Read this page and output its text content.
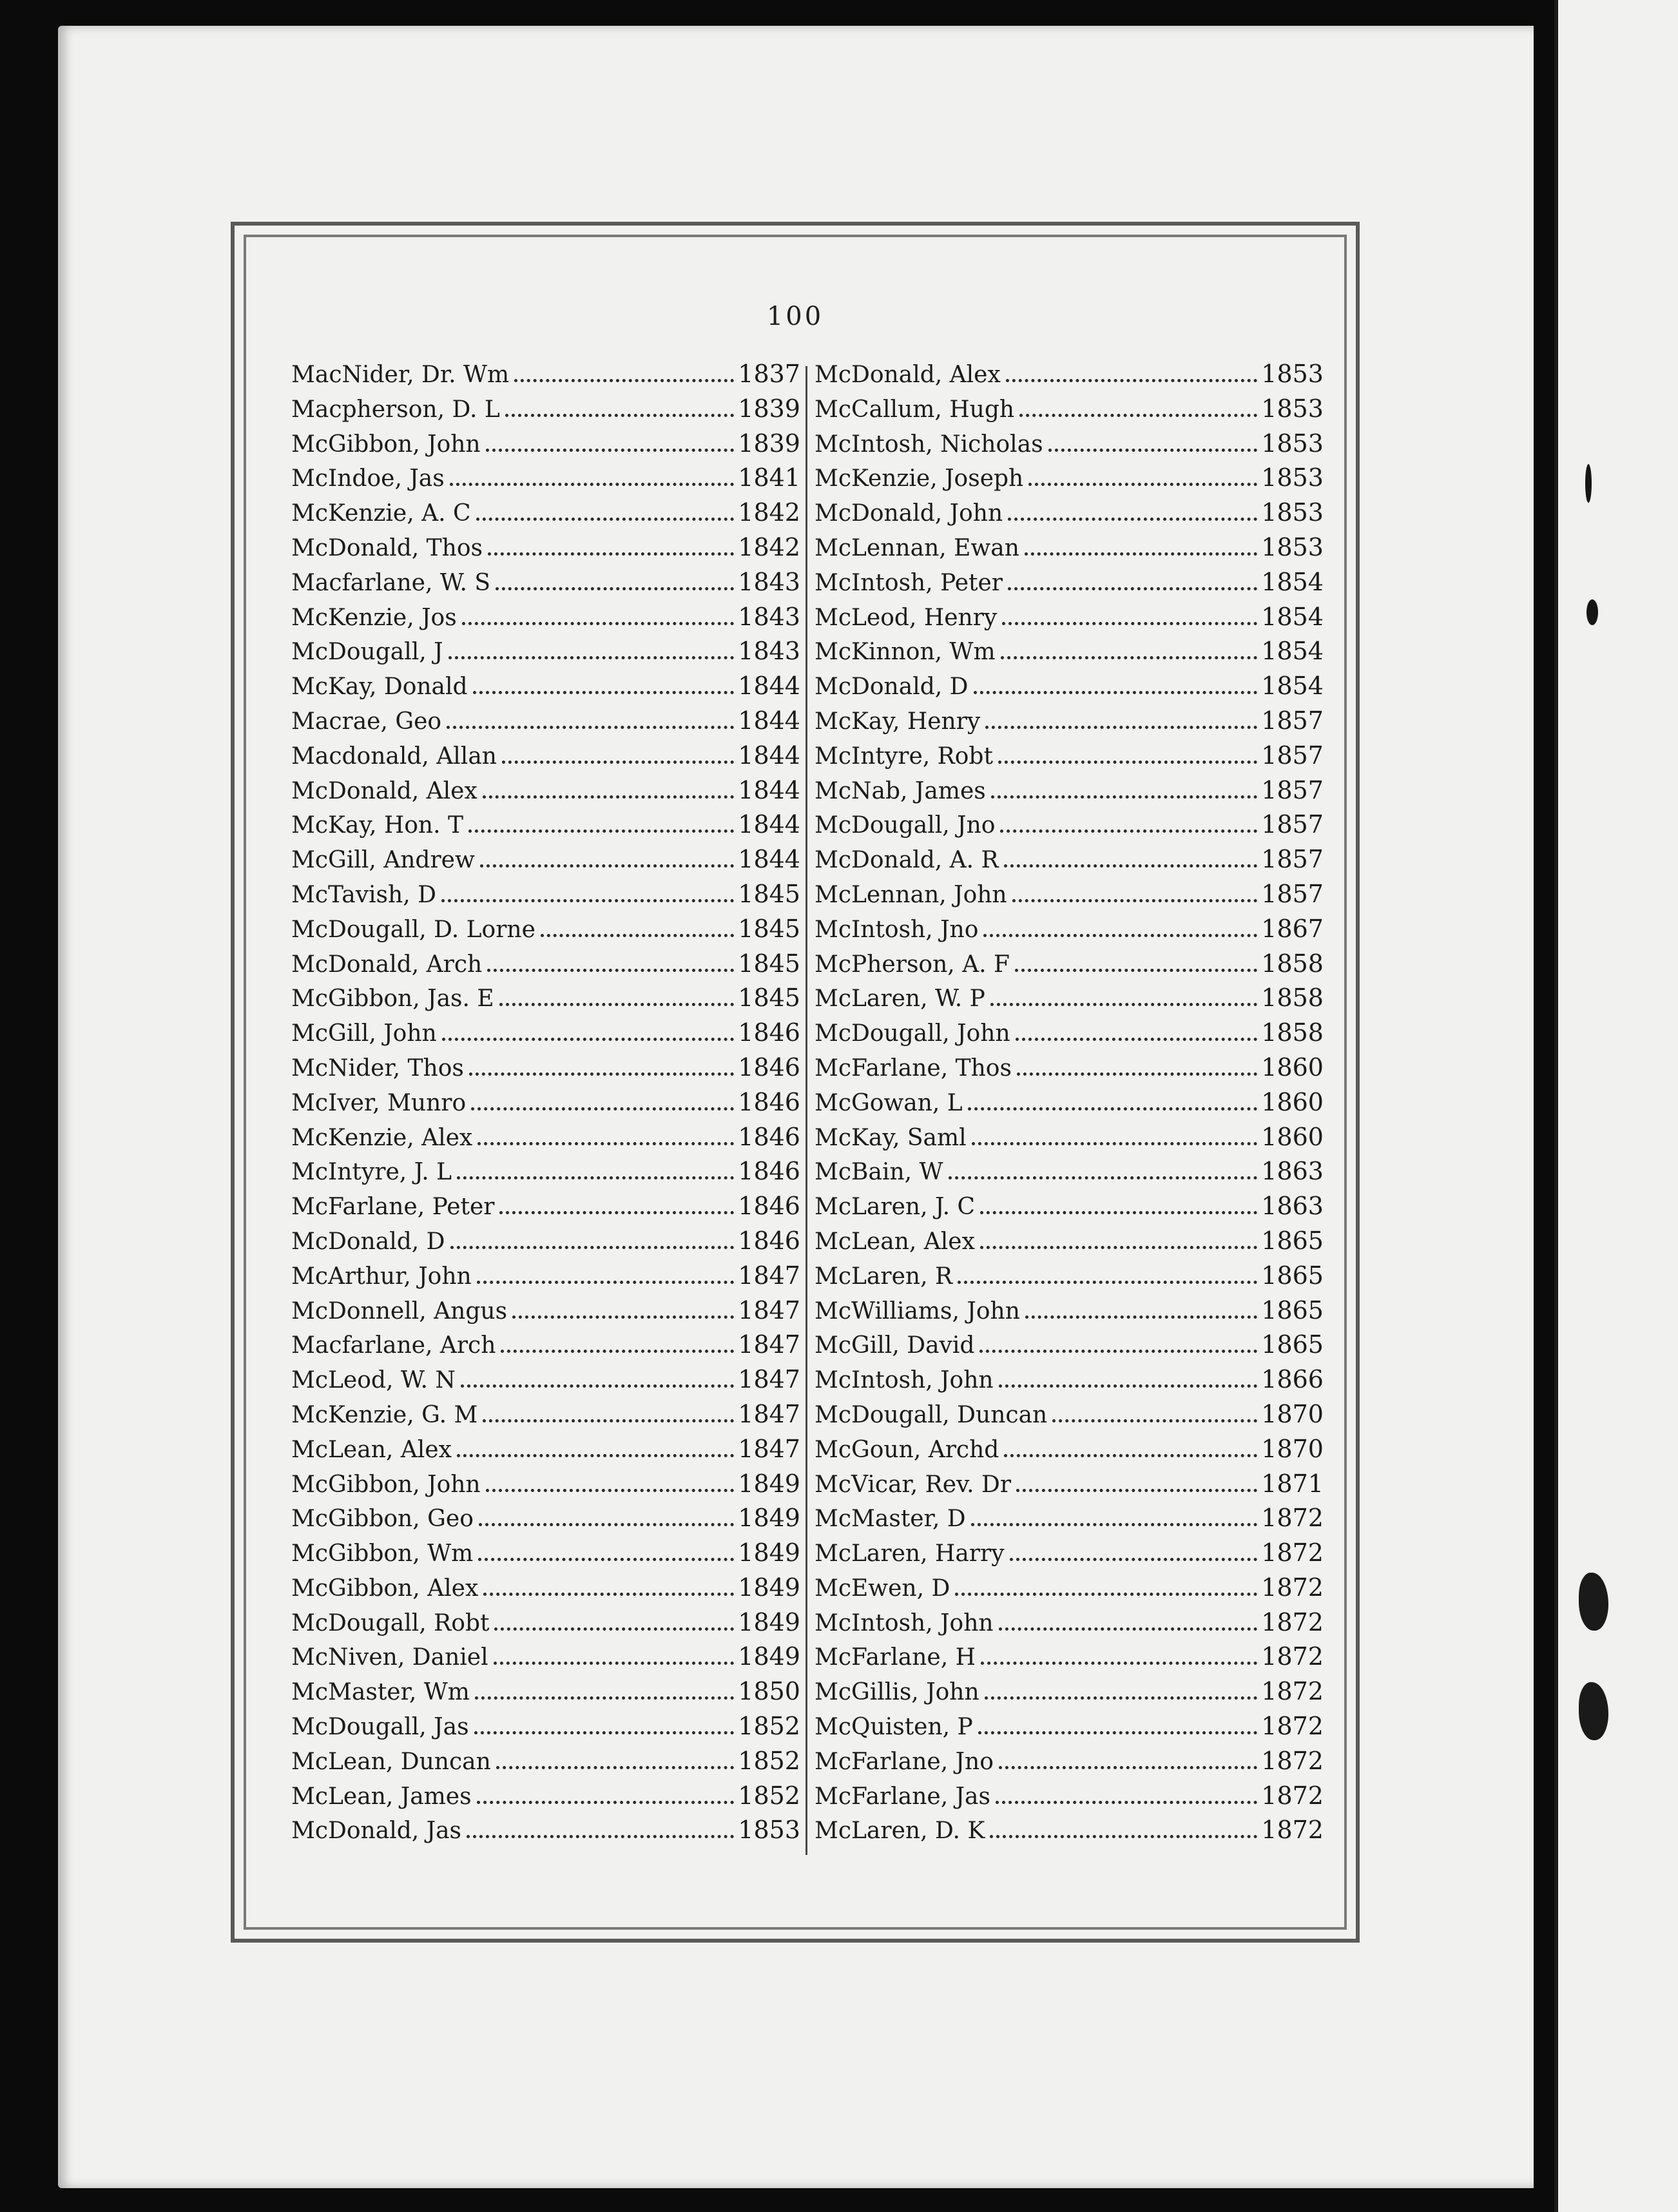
100
MacNider, Dr. Wm	1837
Macpherson, D. L	1839
McGibbon, John	1839
McIndoe, Jas	1841
McKenzie, A. C	1842
McDonald, Thos	1842
Macfarlane, W. S	1843
McKenzie, Jos	1843
McDougall, J	1843
McKay, Donald	1844
Macrae, Geo	1844
Macdonald, Allan	1844
McDonald, Alex	1844
McKay, Hon. T	1844
McGill, Andrew	1844
McTavish, D	1845
McDougall, D. Lorne	1845
McDonald, Arch	1845
McGibbon, Jas. E	1845
McGill, John	1846
McNider, Thos	1846
McIver, Munro	1846
McKenzie, Alex	1846
McIntyre, J. L	1846
McFarlane, Peter	1846
McDonald, D	1846
McArthur, John	1847
McDonnell, Angus	1847
Macfarlane, Arch	1847
McLeod, W. N	1847
McKenzie, G. M	1847
McLean, Alex	1847
McGibbon, John	1849
McGibbon, Geo	1849
McGibbon, Wm	1849
McGibbon, Alex	1849
McDougall, Robt	1849
McNiven, Daniel	1849
McMaster, Wm	1850
McDougall, Jas	1852
McLean, Duncan	1852
McLean, James	1852
McDonald, Jas	1853
McDonald, Alex	1853
McCallum, Hugh	1853
McIntosh, Nicholas	1853
McKenzie, Joseph	1853
McDonald, John	1853
McLennan, Ewan	1853
McIntosh, Peter	1854
McLeod, Henry	1854
McKinnon, Wm	1854
McDonald, D	1854
McKay, Henry	1857
McIntyre, Robt	1857
McNab, James	1857
McDougall, Jno	1857
McDonald, A. R	1857
McLennan, John	1857
McIntosh, Jno	1867
McPherson, A. F	1858
McLaren, W. P	1858
McDougall, John	1858
McFarlane, Thos	1860
McGowan, L	1860
McKay, Saml	1860
McBain, W	1863
McLaren, J. C	1863
McLean, Alex	1865
McLaren, R	1865
McWilliams, John	1865
McGill, David	1865
McIntosh, John	1866
McDougall, Duncan	1870
McGoun, Archd	1870
McVicar, Rev. Dr	1871
McMaster, D	1872
McLaren, Harry	1872
McEwen, D	1872
McIntosh, John	1872
McFarlane, H	1872
McGillis, John	1872
McQuisten, P	1872
McFarlane, Jno	1872
McFarlane, Jas	1872
McLaren, D. K	1872
